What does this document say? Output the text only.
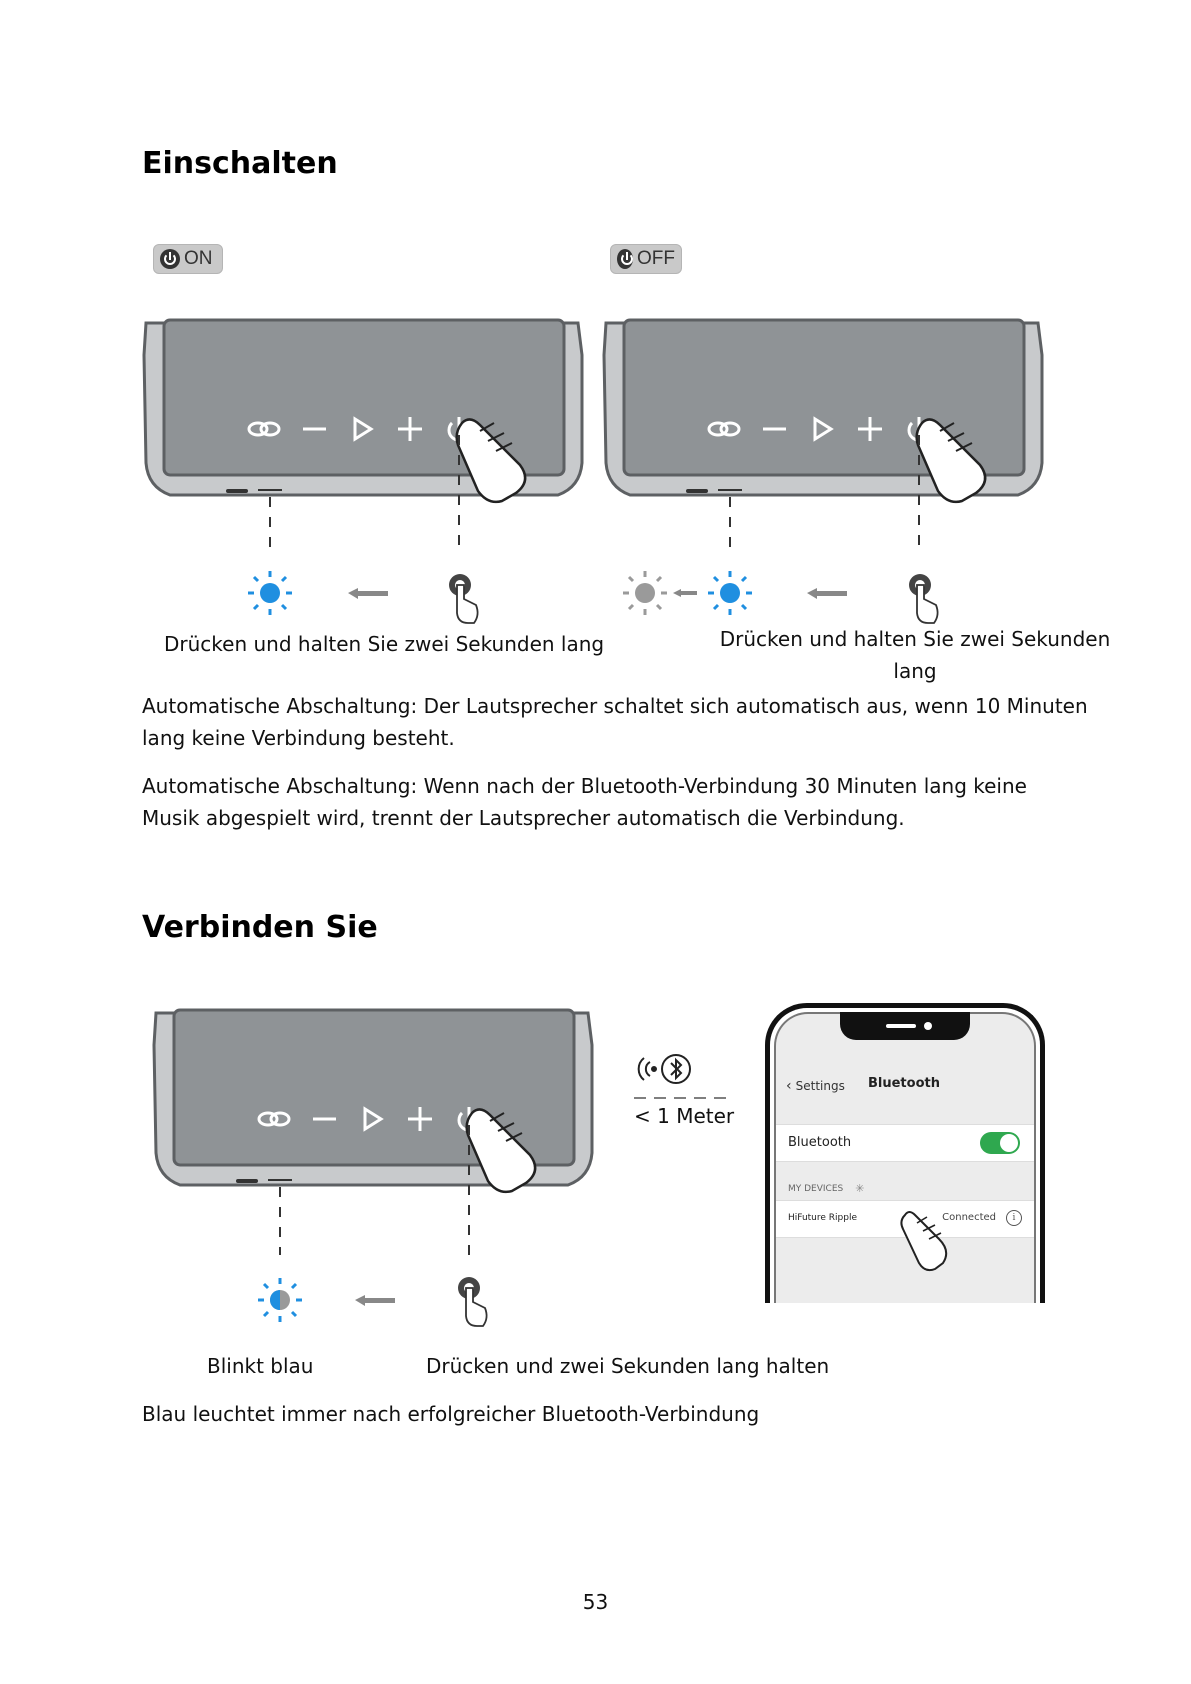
Einschalten
ON	OFF
Drücken und halten Sie zwei Sekunden lang	Drücken und halten Sie zwei Sekunden
lang
Automatische Abschaltung: Der Lautsprecher schaltet sich automatisch aus, wenn 10 Minuten
lang keine Verbindung besteht.
Automatische Abschaltung: Wenn nach der Bluetooth-Verbindung 30 Minuten lang keine
Musik abgespielt wird, trennt der Lautsprecher automatisch die Verbindung.
Verbinden Sie
< 1 Meter
‹ Settings Bluetooth
Bluetooth
MY DEVICES ✳
HiFuture Ripple	Connected	i
Blinkt blau	Drücken und zwei Sekunden lang halten
Blau leuchtet immer nach erfolgreicher Bluetooth-Verbindung
53
